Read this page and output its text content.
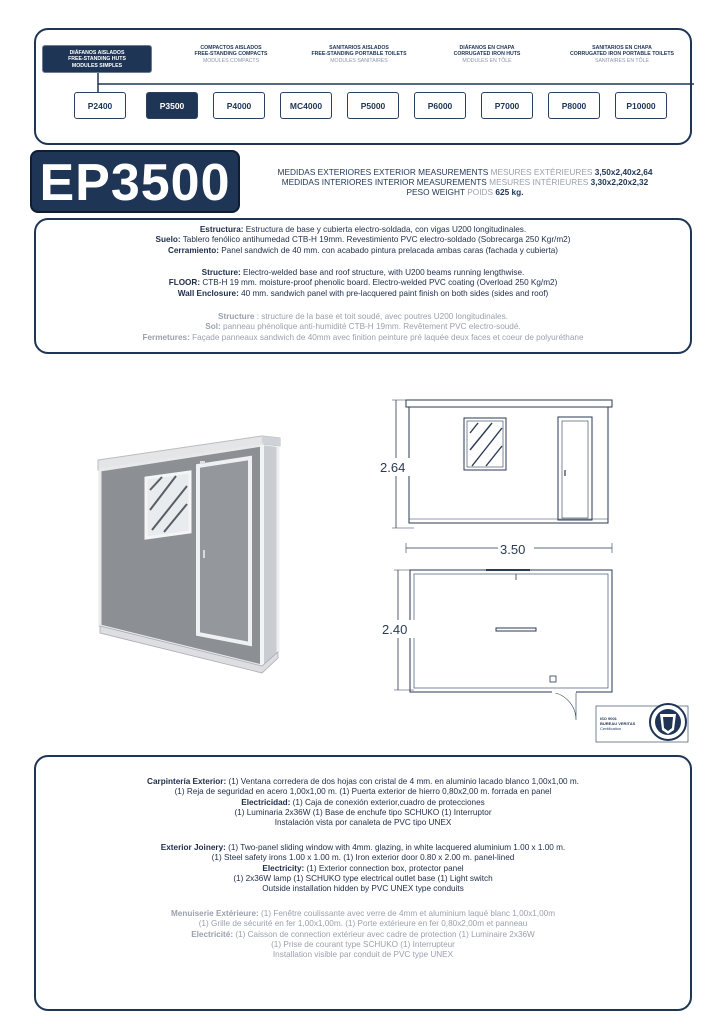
DIÁFANOS AISLADOS
FREE-STANDING HUTS
MODULES SIMPLES
COMPACTOS AISLADOS
FREE-STANDING COMPACTS
MODULES COMPACTS
SANITARIOS AISLADOS
FREE-STANDING PORTABLE TOILETS
MODULES SANITAIRES
DIÁFANOS EN CHAPA
CORRUGATED IRON HUTS
MODULES EN TÔLE
SANITARIOS EN CHAPA
CORRUGATED IRON PORTABLE TOILETS
SANITAIRES EN TÔLE
P2400	P3500	P4000	MC4000	P5000	P6000	P7000	P8000	P10000
EP3500	MEDIDAS EXTERIORES EXTERIOR MEASUREMENTS MESURES EXTÉRIEURES 3,50x2,40x2,64
MEDIDAS INTERIORES INTERIOR MEASUREMENTS MESURES INTÉRIEURES 3,30x2,20x2,32
PESO WEIGHT POIDS 625 kg.
Estructura: Estructura de base y cubierta electro-soldada, con vigas U200 longitudinales.
Suelo: Tablero fenólico antihumedad CTB-H 19mm. Revestimiento PVC electro-soldado (Sobrecarga 250 Kgr/m2)
Cerramiento: Panel sandwich de 40 mm. con acabado pintura prelacada ambas caras (fachada y cubierta)
Structure: Electro-welded base and roof structure, with U200 beams running lengthwise.
FLOOR: CTB-H 19 mm. moisture-proof phenolic board. Electro-welded PVC coating (Overload 250 Kg/m2)
Wall Enclosure: 40 mm. sandwich panel with pre-lacquered paint finish on both sides (sides and roof)
Structure : structure de la base et toit soudé, avec poutres U200 longitudinales.
Sol: panneau phénolique anti-humidité CTB-H 19mm. Revêtement PVC electro-soudé.
Fermetures: Façade panneaux sandwich de 40mm avec finition peinture pré laquée deux faces et coeur de polyuréthane
2.64
3.50
2.40
ISO 9001
BUREAU VERITAS
Certification
Carpintería Exterior: (1) Ventana corredera de dos hojas con cristal de 4 mm. en aluminio lacado blanco 1,00x1,00 m.
(1) Reja de seguridad en acero 1,00x1,00 m. (1) Puerta exterior de hierro 0,80x2,00 m. forrada en panel
Electricidad: (1) Caja de conexión exterior,cuadro de protecciones
(1) Luminaria 2x36W (1) Base de enchufe tipo SCHUKO (1) Interruptor
Instalación vista por canaleta de PVC tipo UNEX
Exterior Joinery: (1) Two-panel sliding window with 4mm. glazing, in white lacquered aluminium 1.00 x 1.00 m.
(1) Steel safety irons 1.00 x 1.00 m. (1) Iron exterior door 0.80 x 2.00 m. panel-lined
Electricity: (1) Exterior connection box, protector panel
(1) 2x36W lamp (1) SCHUKO type electrical outlet base (1) Light switch
Outside installation hidden by PVC UNEX type conduits
Menuiserie Extérieure: (1) Fenêtre coulissante avec verre de 4mm et aluminium laqué blanc 1,00x1,00m
(1) Grille de sécurité en fer 1,00x1,00m. (1) Porte extérieure en fer 0,80x2,00m et panneau
Electricité: (1) Caisson de connection extérieur avec cadre de protection (1) Luminaire 2x36W
(1) Prise de courant type SCHUKO (1) Interrupteur
Installation visible par conduit de PVC type UNEX
